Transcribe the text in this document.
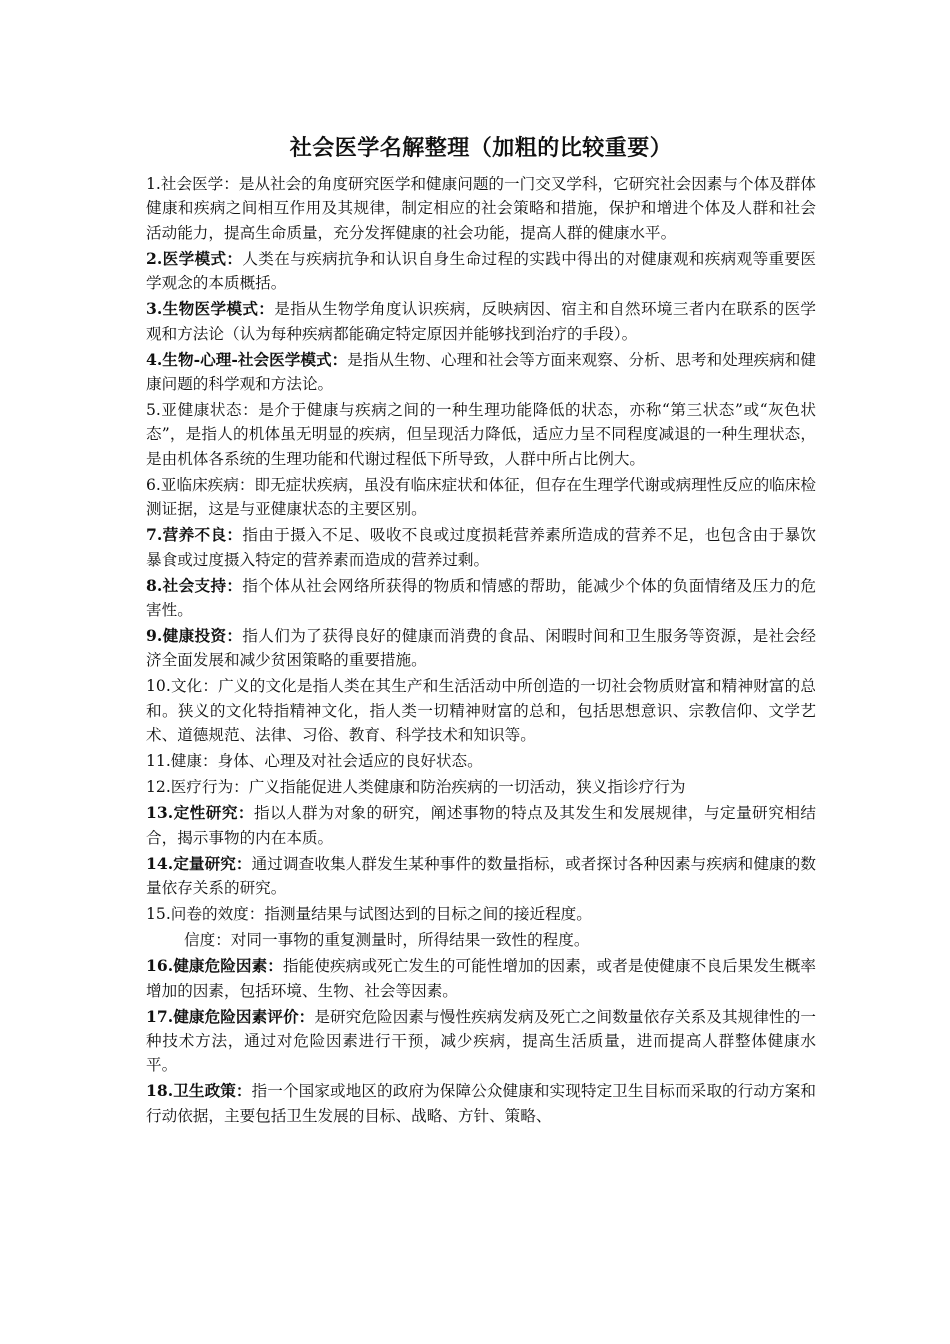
社会医学名解整理（加粗的比较重要）

1.社会医学：是从社会的角度研究医学和健康问题的一门交叉学科，它研究社会因素与个体及群体健康和疾病之间相互作用及其规律，制定相应的社会策略和措施，保护和增进个体及人群和社会活动能力，提高生命质量，充分发挥健康的社会功能，提高人群的健康水平。

2.医学模式：人类在与疾病抗争和认识自身生命过程的实践中得出的对健康观和疾病观等重要医学观念的本质概括。

3.生物医学模式：是指从生物学角度认识疾病，反映病因、宿主和自然环境三者内在联系的医学观和方法论（认为每种疾病都能确定特定原因并能够找到治疗的手段）。

4.生物-心理-社会医学模式：是指从生物、心理和社会等方面来观察、分析、思考和处理疾病和健康问题的科学观和方法论。

5.亚健康状态：是介于健康与疾病之间的一种生理功能降低的状态，亦称“第三状态”或“灰色状态”，是指人的机体虽无明显的疾病，但呈现活力降低，适应力呈不同程度减退的一种生理状态，是由机体各系统的生理功能和代谢过程低下所导致，人群中所占比例大。

6.亚临床疾病：即无症状疾病，虽没有临床症状和体征，但存在生理学代谢或病理性反应的临床检测证据，这是与亚健康状态的主要区别。

7.营养不良：指由于摄入不足、吸收不良或过度损耗营养素所造成的营养不足，也包含由于暴饮暴食或过度摄入特定的营养素而造成的营养过剩。

8.社会支持：指个体从社会网络所获得的物质和情感的帮助，能减少个体的负面情绪及压力的危害性。

9.健康投资：指人们为了获得良好的健康而消费的食品、闲暇时间和卫生服务等资源，是社会经济全面发展和减少贫困策略的重要措施。

10.文化：广义的文化是指人类在其生产和生活活动中所创造的一切社会物质财富和精神财富的总和。狭义的文化特指精神文化，指人类一切精神财富的总和，包括思想意识、宗教信仰、文学艺术、道德规范、法律、习俗、教育、科学技术和知识等。

11.健康：身体、心理及对社会适应的良好状态。

12.医疗行为：广义指能促进人类健康和防治疾病的一切活动，狭义指诊疗行为

13.定性研究：指以人群为对象的研究，阐述事物的特点及其发生和发展规律，与定量研究相结合，揭示事物的内在本质。

14.定量研究：通过调查收集人群发生某种事件的数量指标，或者探讨各种因素与疾病和健康的数量依存关系的研究。

15.问卷的效度：指测量结果与试图达到的目标之间的接近程度。

信度：对同一事物的重复测量时，所得结果一致性的程度。

16.健康危险因素：指能使疾病或死亡发生的可能性增加的因素，或者是使健康不良后果发生概率增加的因素，包括环境、生物、社会等因素。

17.健康危险因素评价：是研究危险因素与慢性疾病发病及死亡之间数量依存关系及其规律性的一种技术方法，通过对危险因素进行干预，减少疾病，提高生活质量，进而提高人群整体健康水平。

18.卫生政策：指一个国家或地区的政府为保障公众健康和实现特定卫生目标而采取的行动方案和行动依据，主要包括卫生发展的目标、战略、方针、策略、
